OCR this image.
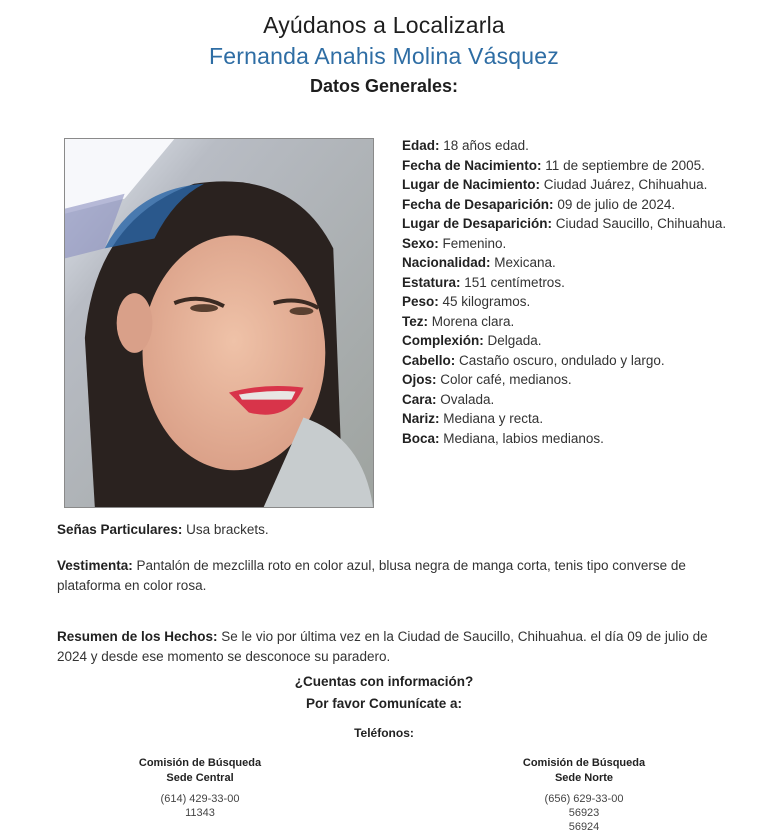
Ayúdanos a Localizarla
Fernanda Anahis Molina Vásquez
Datos Generales:
Edad: 18 años edad.
Fecha de Nacimiento: 11 de septiembre de 2005.
Lugar de Nacimiento: Ciudad Juárez, Chihuahua.
Fecha de Desaparición: 09 de julio de 2024.
Lugar de Desaparición: Ciudad Saucillo, Chihuahua.
Sexo: Femenino.
Nacionalidad: Mexicana.
Estatura: 151 centímetros.
Peso: 45 kilogramos.
Tez: Morena clara.
Complexión: Delgada.
Cabello: Castaño oscuro, ondulado y largo.
Ojos: Color café, medianos.
Cara: Ovalada.
Nariz: Mediana y recta.
Boca: Mediana, labios medianos.
Señas Particulares: Usa brackets.
Vestimenta: Pantalón de mezclilla roto en color azul, blusa negra de manga corta, tenis tipo converse de plataforma en color rosa.
Resumen de los Hechos: Se le vio por última vez en la Ciudad de Saucillo, Chihuahua. el día 09 de julio de 2024 y desde ese momento se desconoce su paradero.
¿Cuentas con información?
Por favor Comunícate a:
Teléfonos:
Comisión de Búsqueda
Sede Central
(614) 429-33-00
11343
Comisión de Búsqueda
Sede Norte
(656) 629-33-00
56923
56924
